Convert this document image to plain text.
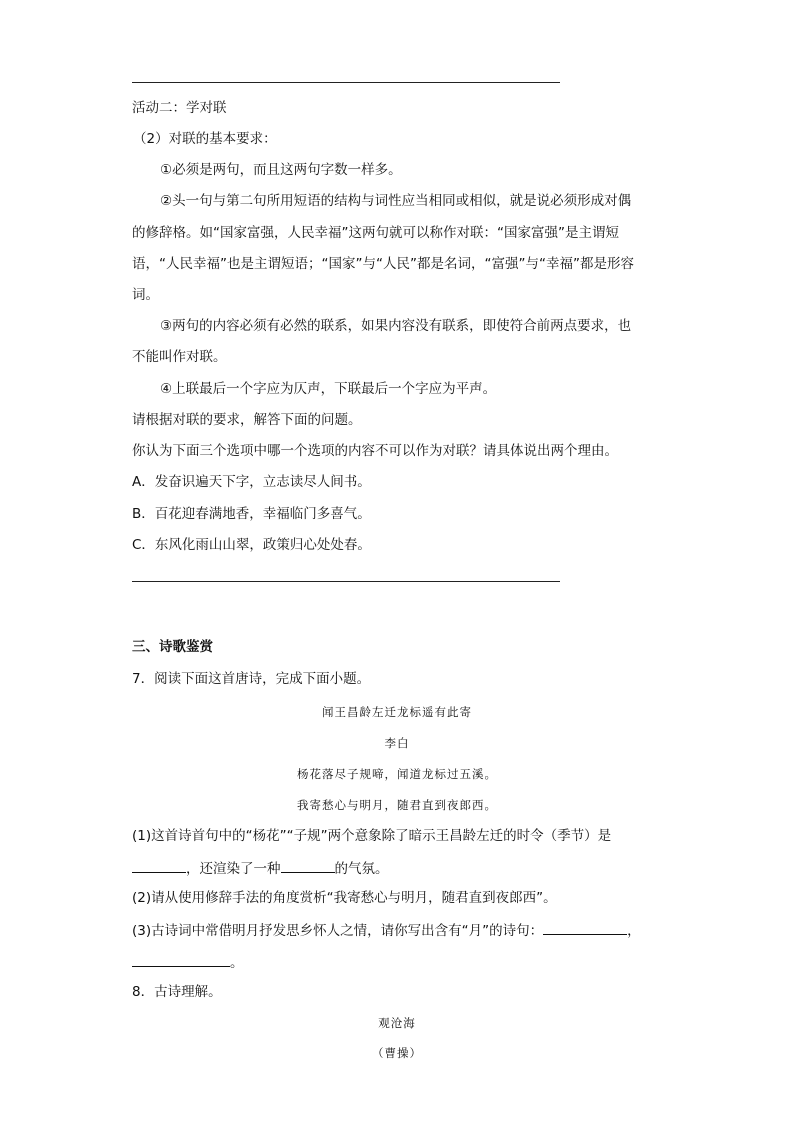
活动二：学对联
（2）对联的基本要求：
①必须是两句，而且这两句字数一样多。
②头一句与第二句所用短语的结构与词性应当相同或相似，就是说必须形成对偶
的修辞格。如“国家富强，人民幸福”这两句就可以称作对联：“国家富强”是主谓短
语，“人民幸福”也是主谓短语；“国家”与“人民”都是名词，“富强”与“幸福”都是形容
词。
③两句的内容必须有必然的联系，如果内容没有联系，即使符合前两点要求，也
不能叫作对联。
④上联最后一个字应为仄声，下联最后一个字应为平声。
请根据对联的要求，解答下面的问题。
你认为下面三个选项中哪一个选项的内容不可以作为对联？请具体说出两个理由。
A．发奋识遍天下字，立志读尽人间书。
B．百花迎春满地香，幸福临门多喜气。
C．东风化雨山山翠，政策归心处处春。
三、诗歌鉴赏
7．阅读下面这首唐诗，完成下面小题。
闻王昌龄左迁龙标遥有此寄
李白
杨花落尽子规啼，闻道龙标过五溪。
我寄愁心与明月，随君直到夜郎西。
(1)这首诗首句中的“杨花”“子规”两个意象除了暗示王昌龄左迁的时令（季节）是
，还渲染了一种	的气氛。
(2)请从使用修辞手法的角度赏析“我寄愁心与明月，随君直到夜郎西”。
(3)古诗词中常借明月抒发思乡怀人之情，请你写出含有“月”的诗句：	，
。
8．古诗理解。
观沧海
（曹操）
